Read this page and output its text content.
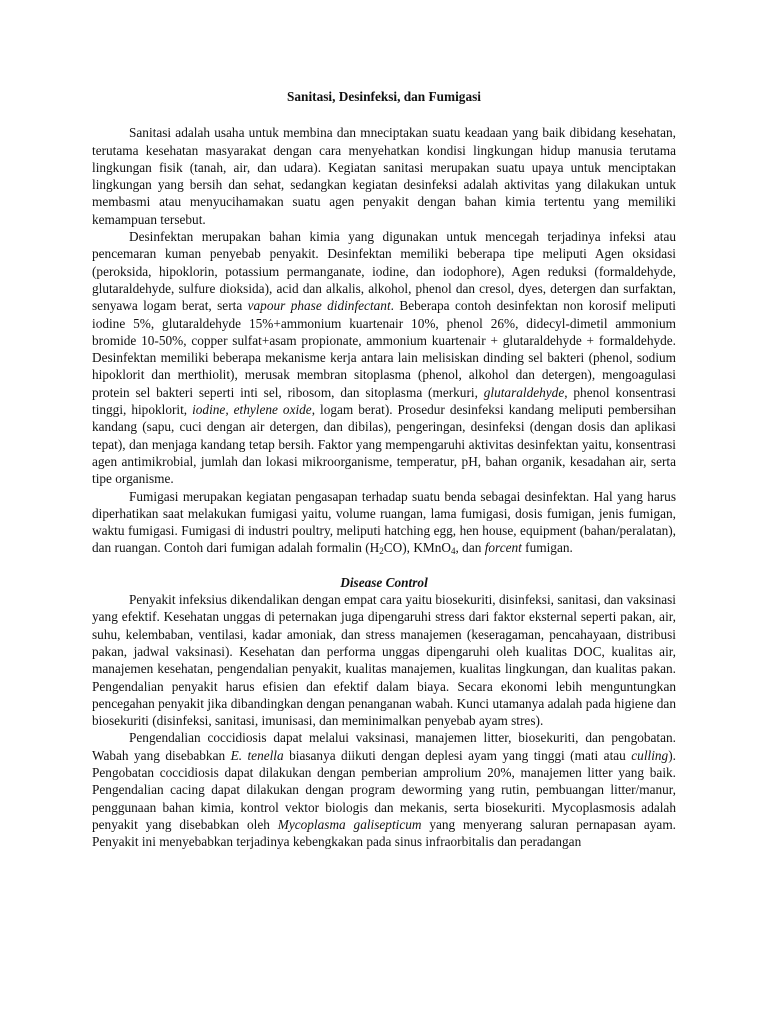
Sanitasi, Desinfeksi, dan Fumigasi

Sanitasi adalah usaha untuk membina dan mneciptakan suatu keadaan yang baik dibidang kesehatan, terutama kesehatan masyarakat dengan cara menyehatkan kondisi lingkungan hidup manusia terutama lingkungan fisik (tanah, air, dan udara). Kegiatan sanitasi merupakan suatu upaya untuk menciptakan lingkungan yang bersih dan sehat, sedangkan kegiatan desinfeksi adalah aktivitas yang dilakukan untuk membasmi atau menyucihamakan suatu agen penyakit dengan bahan kimia tertentu yang memiliki kemampuan tersebut.

Desinfektan merupakan bahan kimia yang digunakan untuk mencegah terjadinya infeksi atau pencemaran kuman penyebab penyakit. Desinfektan memiliki beberapa tipe meliputi Agen oksidasi (peroksida, hipoklorin, potassium permanganate, iodine, dan iodophore), Agen reduksi (formaldehyde, glutaraldehyde, sulfure dioksida), acid dan alkalis, alkohol, phenol dan cresol, dyes, detergen dan surfaktan, senyawa logam berat, serta vapour phase didinfectant. Beberapa contoh desinfektan non korosif meliputi iodine 5%, glutaraldehyde 15%+ammonium kuartenair 10%, phenol 26%, didecyl-dimetil ammonium bromide 10-50%, copper sulfat+asam propionate, ammonium kuartenair + glutaraldehyde + formaldehyde. Desinfektan memiliki beberapa mekanisme kerja antara lain melisiskan dinding sel bakteri (phenol, sodium hipoklorit dan merthiolit), merusak membran sitoplasma (phenol, alkohol dan detergen), mengoagulasi protein sel bakteri seperti inti sel, ribosom, dan sitoplasma (merkuri, glutaraldehyde, phenol konsentrasi tinggi, hipoklorit, iodine, ethylene oxide, logam berat). Prosedur desinfeksi kandang meliputi pembersihan kandang (sapu, cuci dengan air detergen, dan dibilas), pengeringan, desinfeksi (dengan dosis dan aplikasi tepat), dan menjaga kandang tetap bersih. Faktor yang mempengaruhi aktivitas desinfektan yaitu, konsentrasi agen antimikrobial, jumlah dan lokasi mikroorganisme, temperatur, pH, bahan organik, kesadahan air, serta tipe organisme.

Fumigasi merupakan kegiatan pengasapan terhadap suatu benda sebagai desinfektan. Hal yang harus diperhatikan saat melakukan fumigasi yaitu, volume ruangan, lama fumigasi, dosis fumigan, jenis fumigan, waktu fumigasi. Fumigasi di industri poultry, meliputi hatching egg, hen house, equipment (bahan/peralatan), dan ruangan. Contoh dari fumigan adalah formalin $(H_2CO)$, KMnO$_4$, dan forcent fumigan.

Disease Control

Penyakit infeksius dikendalikan dengan empat cara yaitu biosekuriti, disinfeksi, sanitasi, dan vaksinasi yang efektif. Kesehatan unggas di peternakan juga dipengaruhi stress dari faktor eksternal seperti pakan, air, suhu, kelembaban, ventilasi, kadar amoniak, dan stress manajemen (keseragaman, pencahayaan, distribusi pakan, jadwal vaksinasi). Kesehatan dan performa unggas dipengaruhi oleh kualitas DOC, kualitas air, manajemen kesehatan, pengendalian penyakit, kualitas manajemen, kualitas lingkungan, dan kualitas pakan. Pengendalian penyakit harus efisien dan efektif dalam biaya. Secara ekonomi lebih menguntungkan pencegahan penyakit jika dibandingkan dengan penanganan wabah. Kunci utamanya adalah pada higiene dan biosekuriti (disinfeksi, sanitasi, imunisasi, dan meminimalkan penyebab ayam stres).

Pengendalian coccidiosis dapat melalui vaksinasi, manajemen litter, biosekuriti, dan pengobatan. Wabah yang disebabkan E. tenella biasanya diikuti dengan deplesi ayam yang tinggi (mati atau culling). Pengobatan coccidiosis dapat dilakukan dengan pemberian amprolium 20%, manajemen litter yang baik. Pengendalian cacing dapat dilakukan dengan program deworming yang rutin, pembuangan litter/manur, penggunaan bahan kimia, kontrol vektor biologis dan mekanis, serta biosekuriti. Mycoplasmosis adalah penyakit yang disebabkan oleh Mycoplasma galisepticum yang menyerang saluran pernapasan ayam. Penyakit ini menyebabkan terjadinya kebengkakan pada sinus infraorbitalis dan peradangan
